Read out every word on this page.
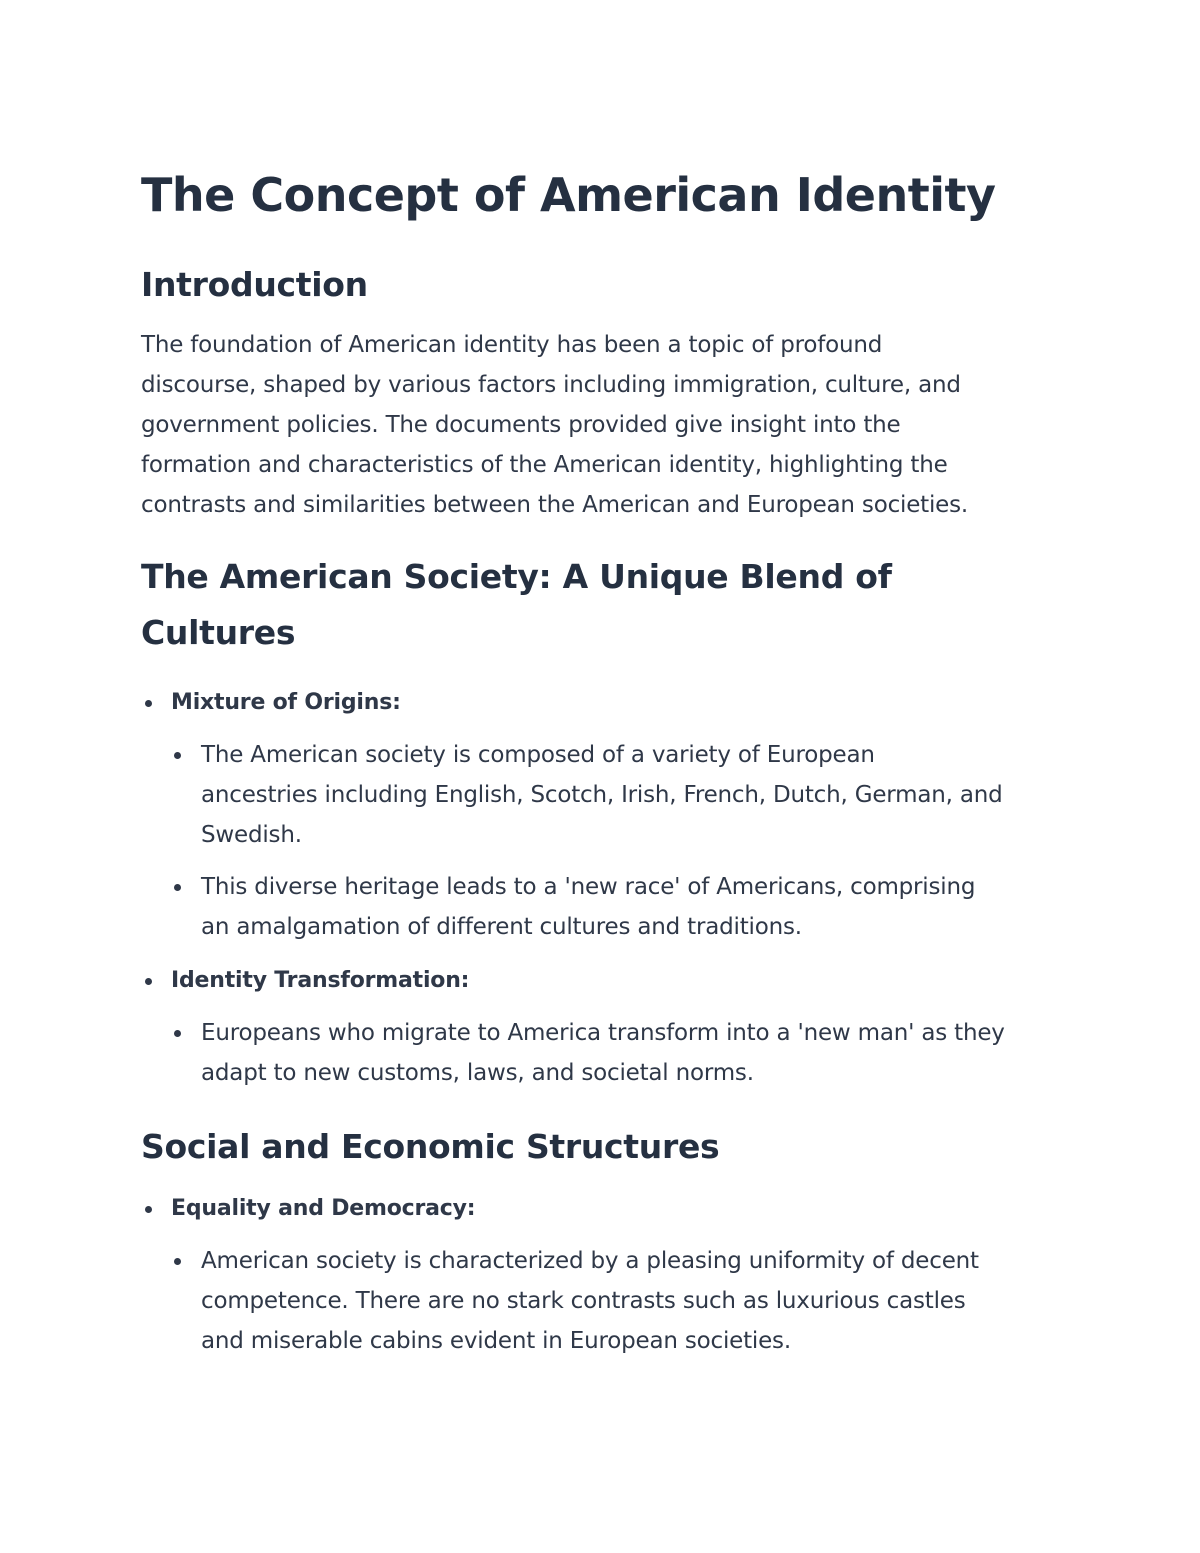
The Concept of American Identity
Introduction

The foundation of American identity has been a topic of profound
discourse, shaped by various factors including immigration, culture, and
government policies. The documents provided give insight into the
formation and characteristics of the American identity, highlighting the
contrasts and similarities between the American and European societies.

The American Society: A Unique Blend of
Cultures
Mixture of Origins:
The American society is composed of a variety of European
ancestries including English, Scotch, Irish, French, Dutch, German, and
Swedish.
This diverse heritage leads to a 'new race' of Americans, comprising
an amalgamation of different cultures and traditions.
Identity Transformation:
Europeans who migrate to America transform into a 'new man' as they
adapt to new customs, laws, and societal norms.
Social and Economic Structures
Equality and Democracy:
American society is characterized by a pleasing uniformity of decent
competence. There are no stark contrasts such as luxurious castles
and miserable cabins evident in European societies.
